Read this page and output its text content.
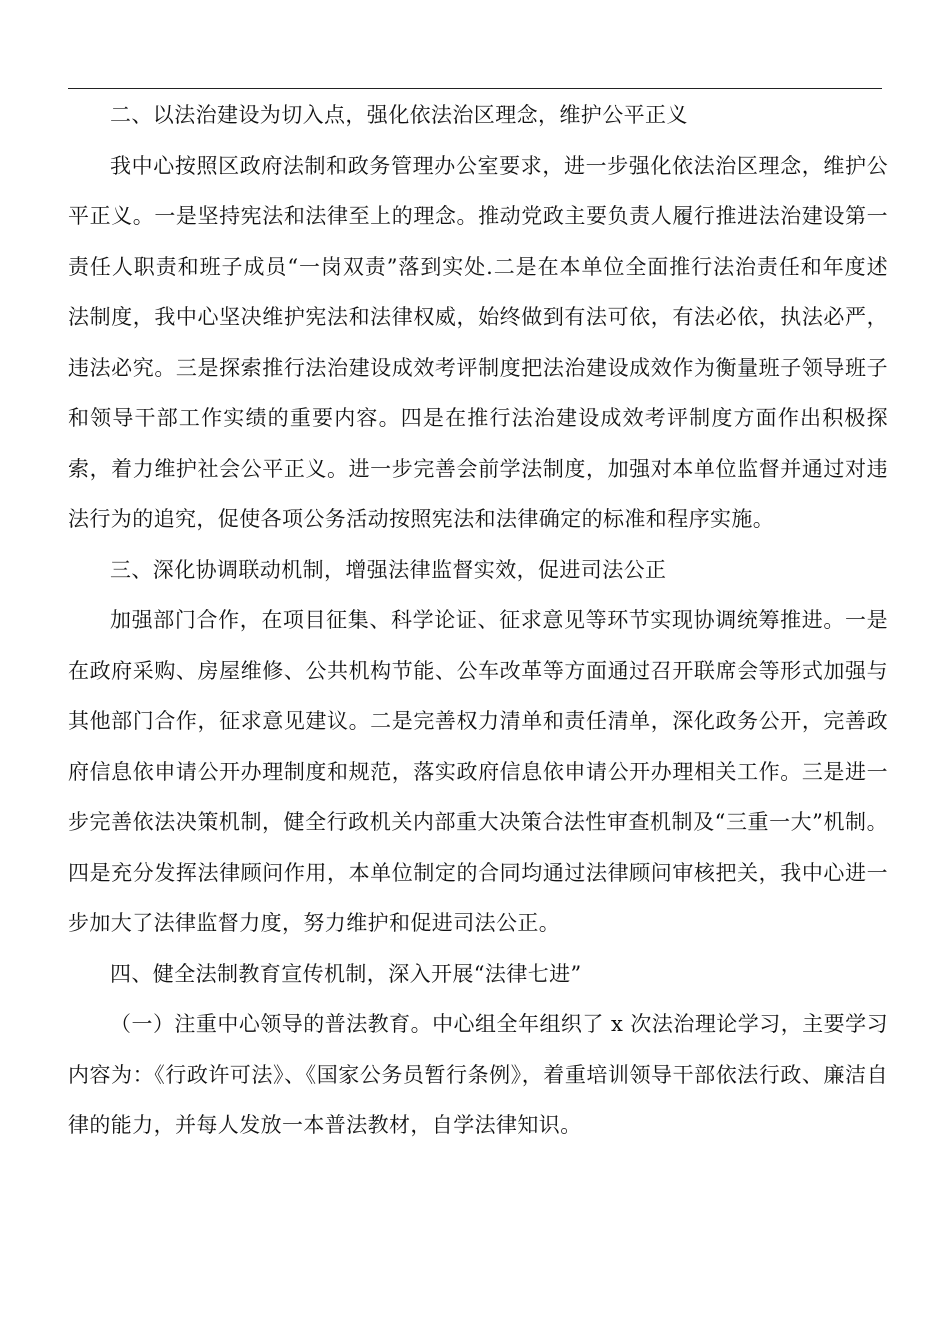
二、以法治建设为切入点，强化依法治区理念，维护公平正义

我中心按照区政府法制和政务管理办公室要求，进一步强化依法治区理念，维护公平正义。一是坚持宪法和法律至上的理念。推动党政主要负责人履行推进法治建设第一责任人职责和班子成员“一岗双责”落到实处.二是在本单位全面推行法治责任和年度述法制度，我中心坚决维护宪法和法律权威，始终做到有法可依，有法必依，执法必严，违法必究。三是探索推行法治建设成效考评制度把法治建设成效作为衡量班子领导班子和领导干部工作实绩的重要内容。四是在推行法治建设成效考评制度方面作出积极探索，着力维护社会公平正义。进一步完善会前学法制度，加强对本单位监督并通过对违法行为的追究，促使各项公务活动按照宪法和法律确定的标准和程序实施。

三、深化协调联动机制，增强法律监督实效，促进司法公正

加强部门合作，在项目征集、科学论证、征求意见等环节实现协调统筹推进。一是在政府采购、房屋维修、公共机构节能、公车改革等方面通过召开联席会等形式加强与其他部门合作，征求意见建议。二是完善权力清单和责任清单，深化政务公开，完善政府信息依申请公开办理制度和规范，落实政府信息依申请公开办理相关工作。三是进一步完善依法决策机制，健全行政机关内部重大决策合法性审查机制及“三重一大”机制。四是充分发挥法律顾问作用，本单位制定的合同均通过法律顾问审核把关，我中心进一步加大了法律监督力度，努力维护和促进司法公正。

四、健全法制教育宣传机制，深入开展“法律七进”

（一）注重中心领导的普法教育。中心组全年组织了 x 次法治理论学习，主要学习内容为：《行政许可法》、《国家公务员暂行条例》，着重培训领导干部依法行政、廉洁自律的能力，并每人发放一本普法教材，自学法律知识。
